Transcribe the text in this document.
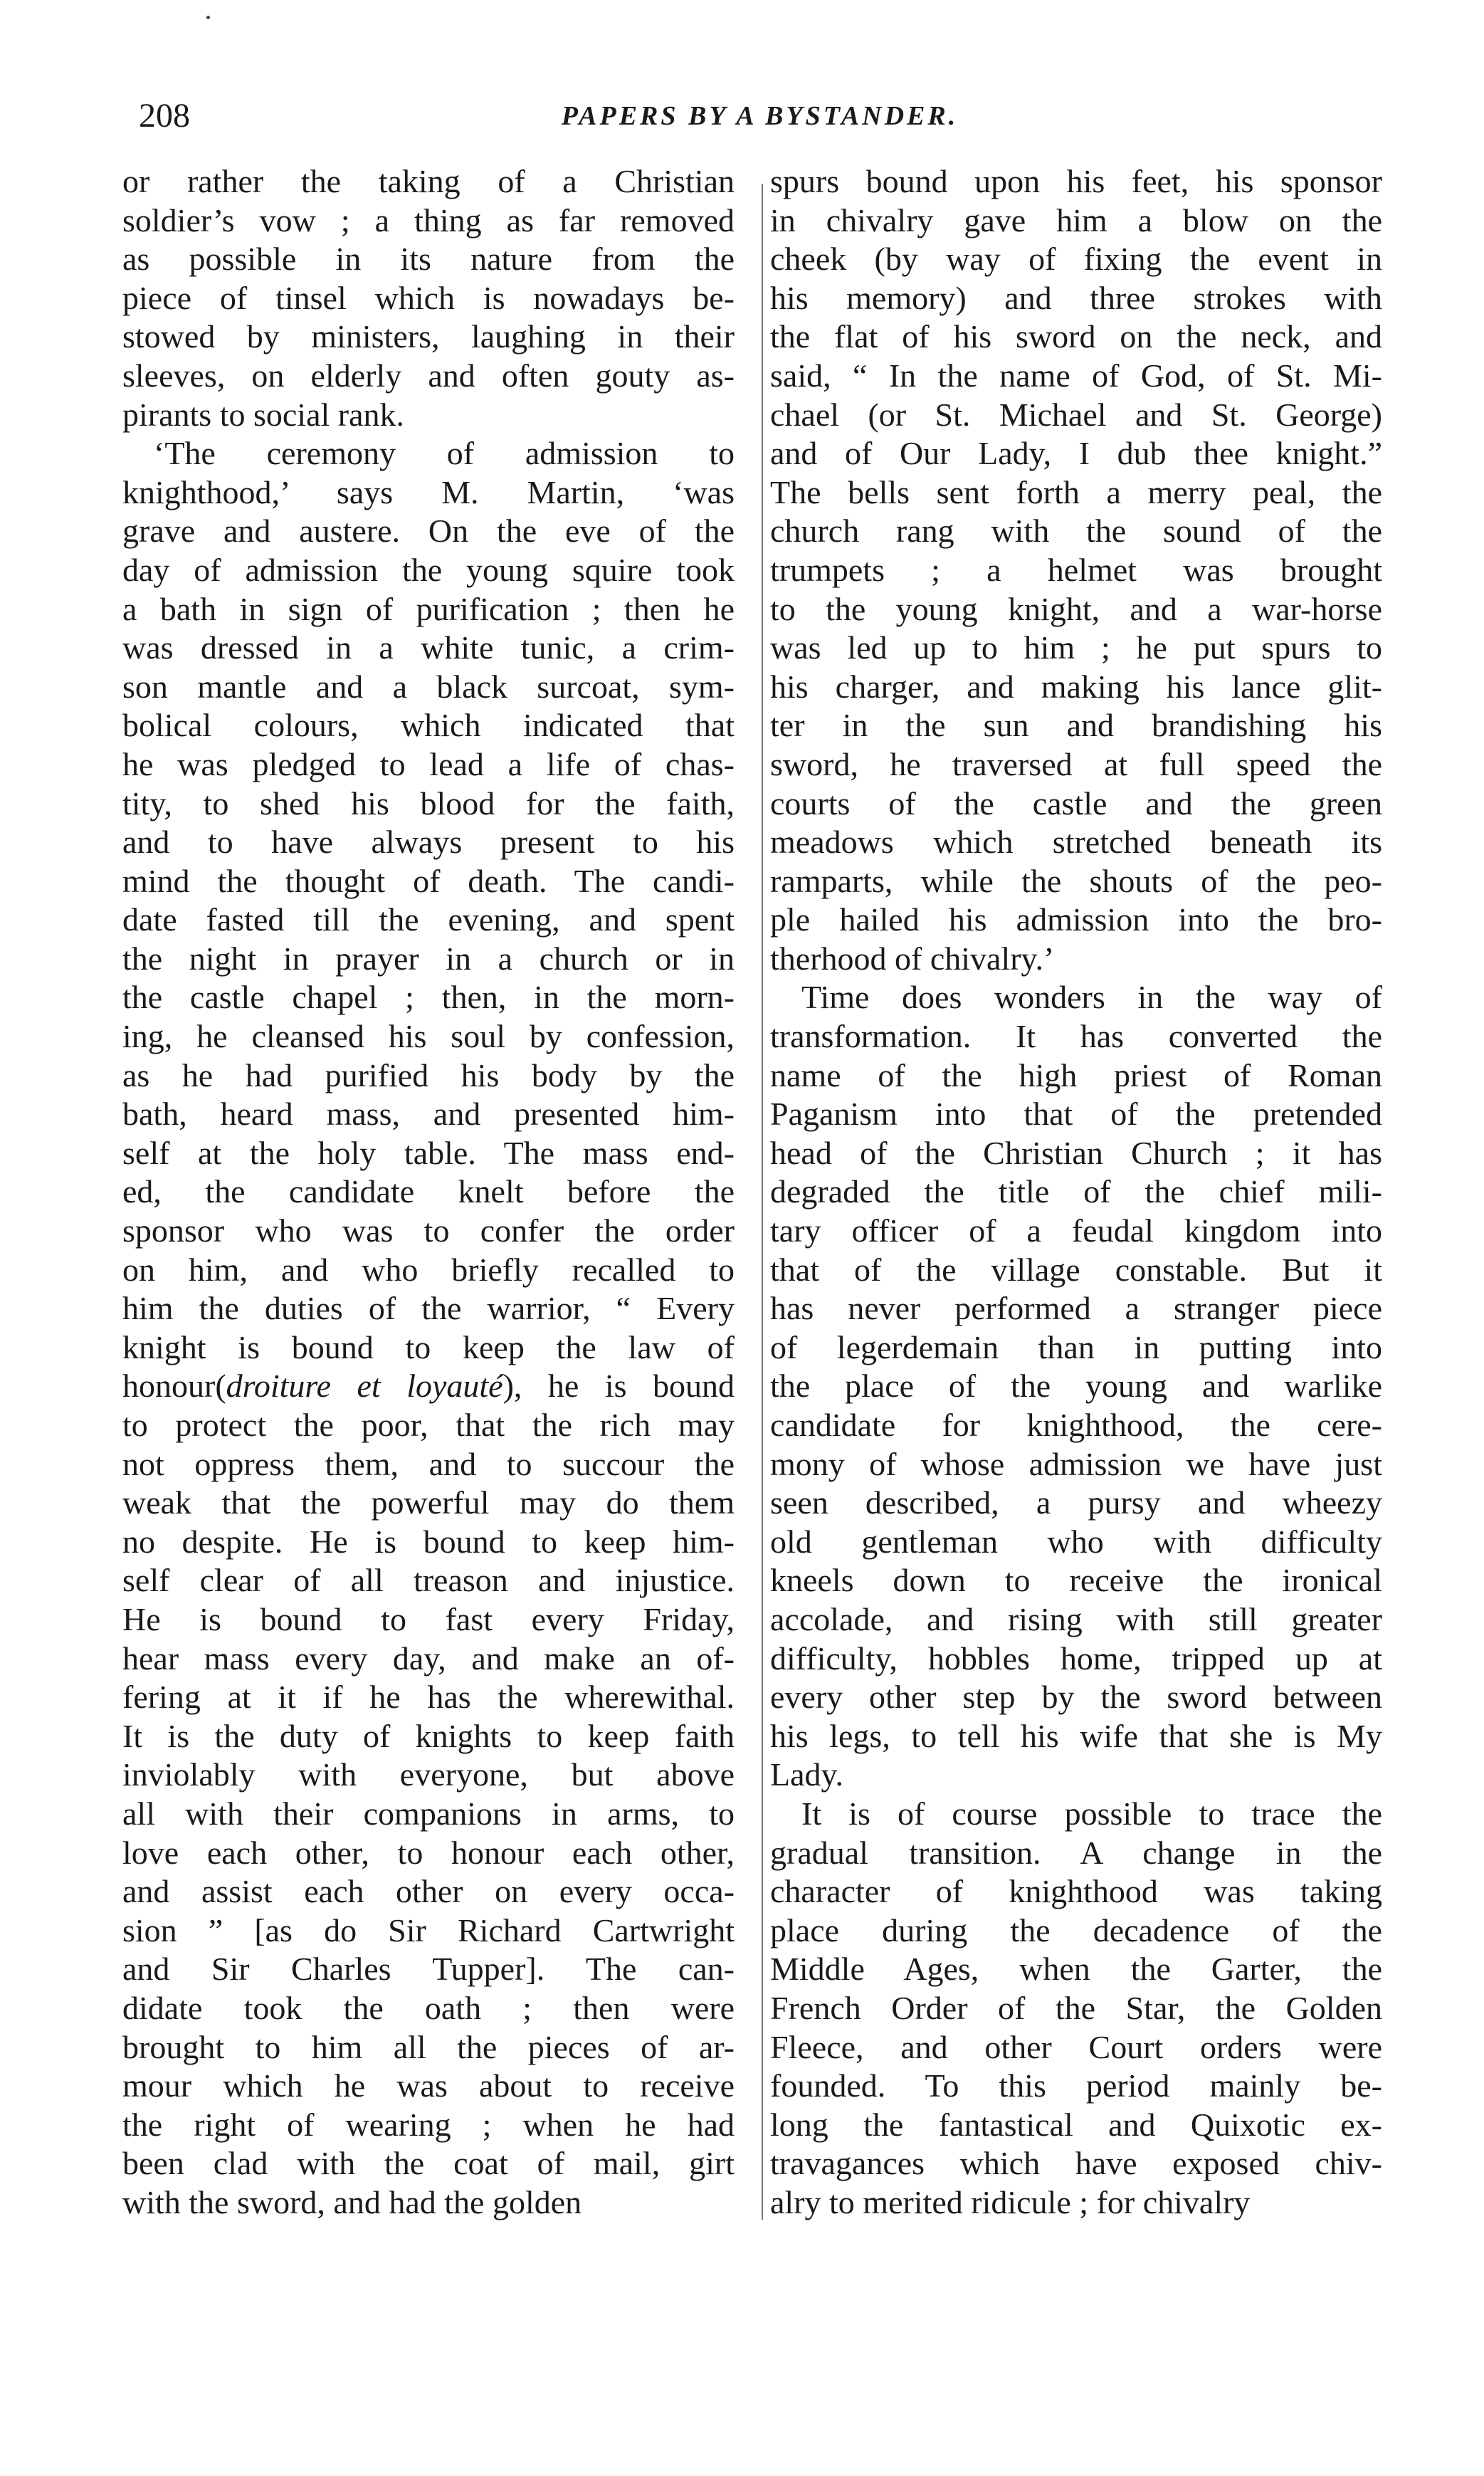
208	PAPERS BY A BYSTANDER.
or rather the taking of a Christian
soldier’s vow ; a thing as far removed
as possible in its nature from the
piece of tinsel which is nowadays be-
stowed by ministers, laughing in their
sleeves, on elderly and often gouty as-
pirants to social rank.
‘The ceremony of admission to
knighthood,’ says M. Martin, ‘was
grave and austere. On the eve of the
day of admission the young squire took
a bath in sign of purification ; then he
was dressed in a white tunic, a crim-
son mantle and a black surcoat, sym-
bolical colours, which indicated that
he was pledged to lead a life of chas-
tity, to shed his blood for the faith,
and to have always present to his
mind the thought of death. The candi-
date fasted till the evening, and spent
the night in prayer in a church or in
the castle chapel ; then, in the morn-
ing, he cleansed his soul by confession,
as he had purified his body by the
bath, heard mass, and presented him-
self at the holy table. The mass end-
ed, the candidate knelt before the
sponsor who was to confer the order
on him, and who briefly recalled to
him the duties of the warrior, “ Every
knight is bound to keep the law of
honour(droiture et loyauté), he is bound
to protect the poor, that the rich may
not oppress them, and to succour the
weak that the powerful may do them
no despite. He is bound to keep him-
self clear of all treason and injustice.
He is bound to fast every Friday,
hear mass every day, and make an of-
fering at it if he has the wherewithal.
It is the duty of knights to keep faith
inviolably with everyone, but above
all with their companions in arms, to
love each other, to honour each other,
and assist each other on every occa-
sion ” [as do Sir Richard Cartwright
and Sir Charles Tupper]. The can-
didate took the oath ; then were
brought to him all the pieces of ar-
mour which he was about to receive
the right of wearing ; when he had
been clad with the coat of mail, girt
with the sword, and had the golden
spurs bound upon his feet, his sponsor
in chivalry gave him a blow on the
cheek (by way of fixing the event in
his memory) and three strokes with
the flat of his sword on the neck, and
said, “ In the name of God, of St. Mi-
chael (or St. Michael and St. George)
and of Our Lady, I dub thee knight.”
The bells sent forth a merry peal, the
church rang with the sound of the
trumpets ; a helmet was brought
to the young knight, and a war-horse
was led up to him ; he put spurs to
his charger, and making his lance glit-
ter in the sun and brandishing his
sword, he traversed at full speed the
courts of the castle and the green
meadows which stretched beneath its
ramparts, while the shouts of the peo-
ple hailed his admission into the bro-
therhood of chivalry.’
Time does wonders in the way of
transformation. It has converted the
name of the high priest of Roman
Paganism into that of the pretended
head of the Christian Church ; it has
degraded the title of the chief mili-
tary officer of a feudal kingdom into
that of the village constable. But it
has never performed a stranger piece
of legerdemain than in putting into
the place of the young and warlike
candidate for knighthood, the cere-
mony of whose admission we have just
seen described, a pursy and wheezy
old gentleman who with difficulty
kneels down to receive the ironical
accolade, and rising with still greater
difficulty, hobbles home, tripped up at
every other step by the sword between
his legs, to tell his wife that she is My
Lady.
It is of course possible to trace the
gradual transition. A change in the
character of knighthood was taking
place during the decadence of the
Middle Ages, when the Garter, the
French Order of the Star, the Golden
Fleece, and other Court orders were
founded. To this period mainly be-
long the fantastical and Quixotic ex-
travagances which have exposed chiv-
alry to merited ridicule ; for chivalry
